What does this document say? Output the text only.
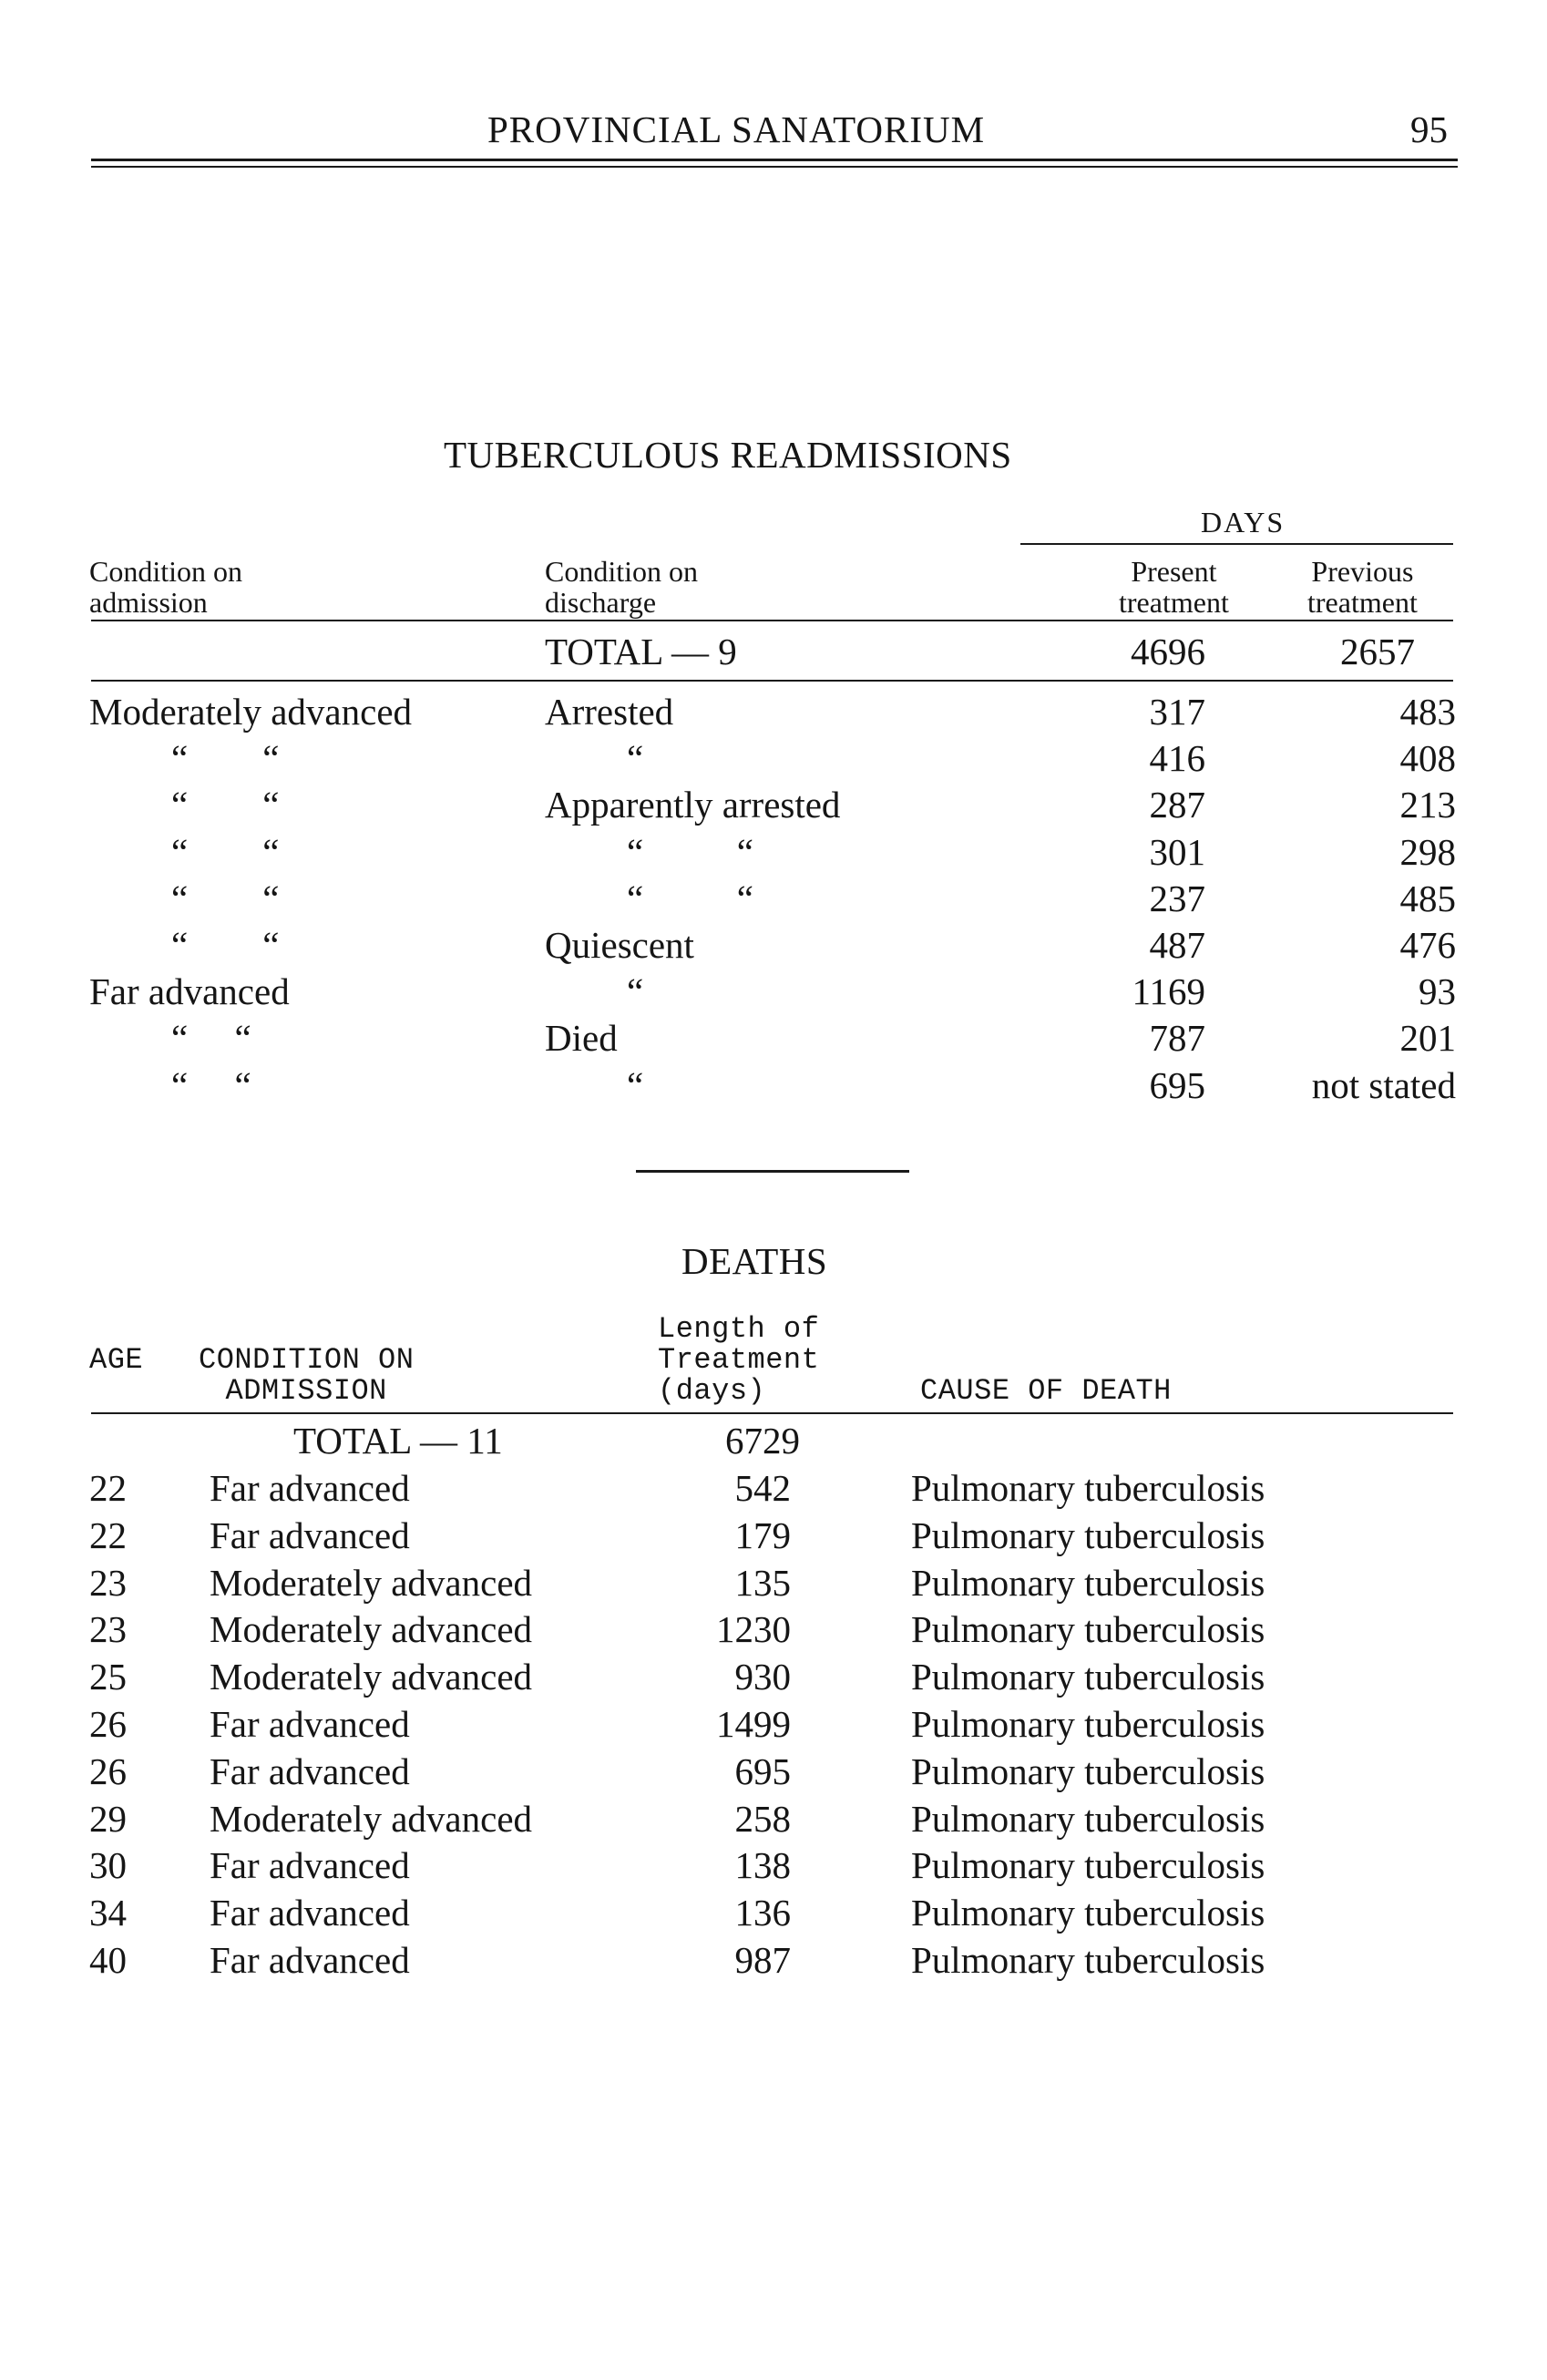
PROVINCIAL SANATORIUM	95
TUBERCULOUS READMISSIONS
DAYS
Condition on
admission
Condition on
discharge
Present
treatment
Previous
treatment
TOTAL — 9	4696	2657
Moderately advanced	Arrested	317	483
“        “	“	416	408
“        “	Apparently arrested	287	213
“        “	“          “	301	298
“        “	“          “	237	485
“        “	Quiescent	487	476
Far advanced	“	1169	93
“     “	Died	787	201
“     “	“	695	not stated
DEATHS
AGE CONDITION ON
ADMISSION
Length of
Treatment
(days)	CAUSE OF DEATH
TOTAL — 11	6729
22 Far advanced	542	Pulmonary tuberculosis
22 Far advanced	179	Pulmonary tuberculosis
23 Moderately advanced	135	Pulmonary tuberculosis
23 Moderately advanced	1230	Pulmonary tuberculosis
25 Moderately advanced	930	Pulmonary tuberculosis
26 Far advanced	1499	Pulmonary tuberculosis
26 Far advanced	695	Pulmonary tuberculosis
29 Moderately advanced	258	Pulmonary tuberculosis
30 Far advanced	138	Pulmonary tuberculosis
34 Far advanced	136	Pulmonary tuberculosis
40 Far advanced	987	Pulmonary tuberculosis
